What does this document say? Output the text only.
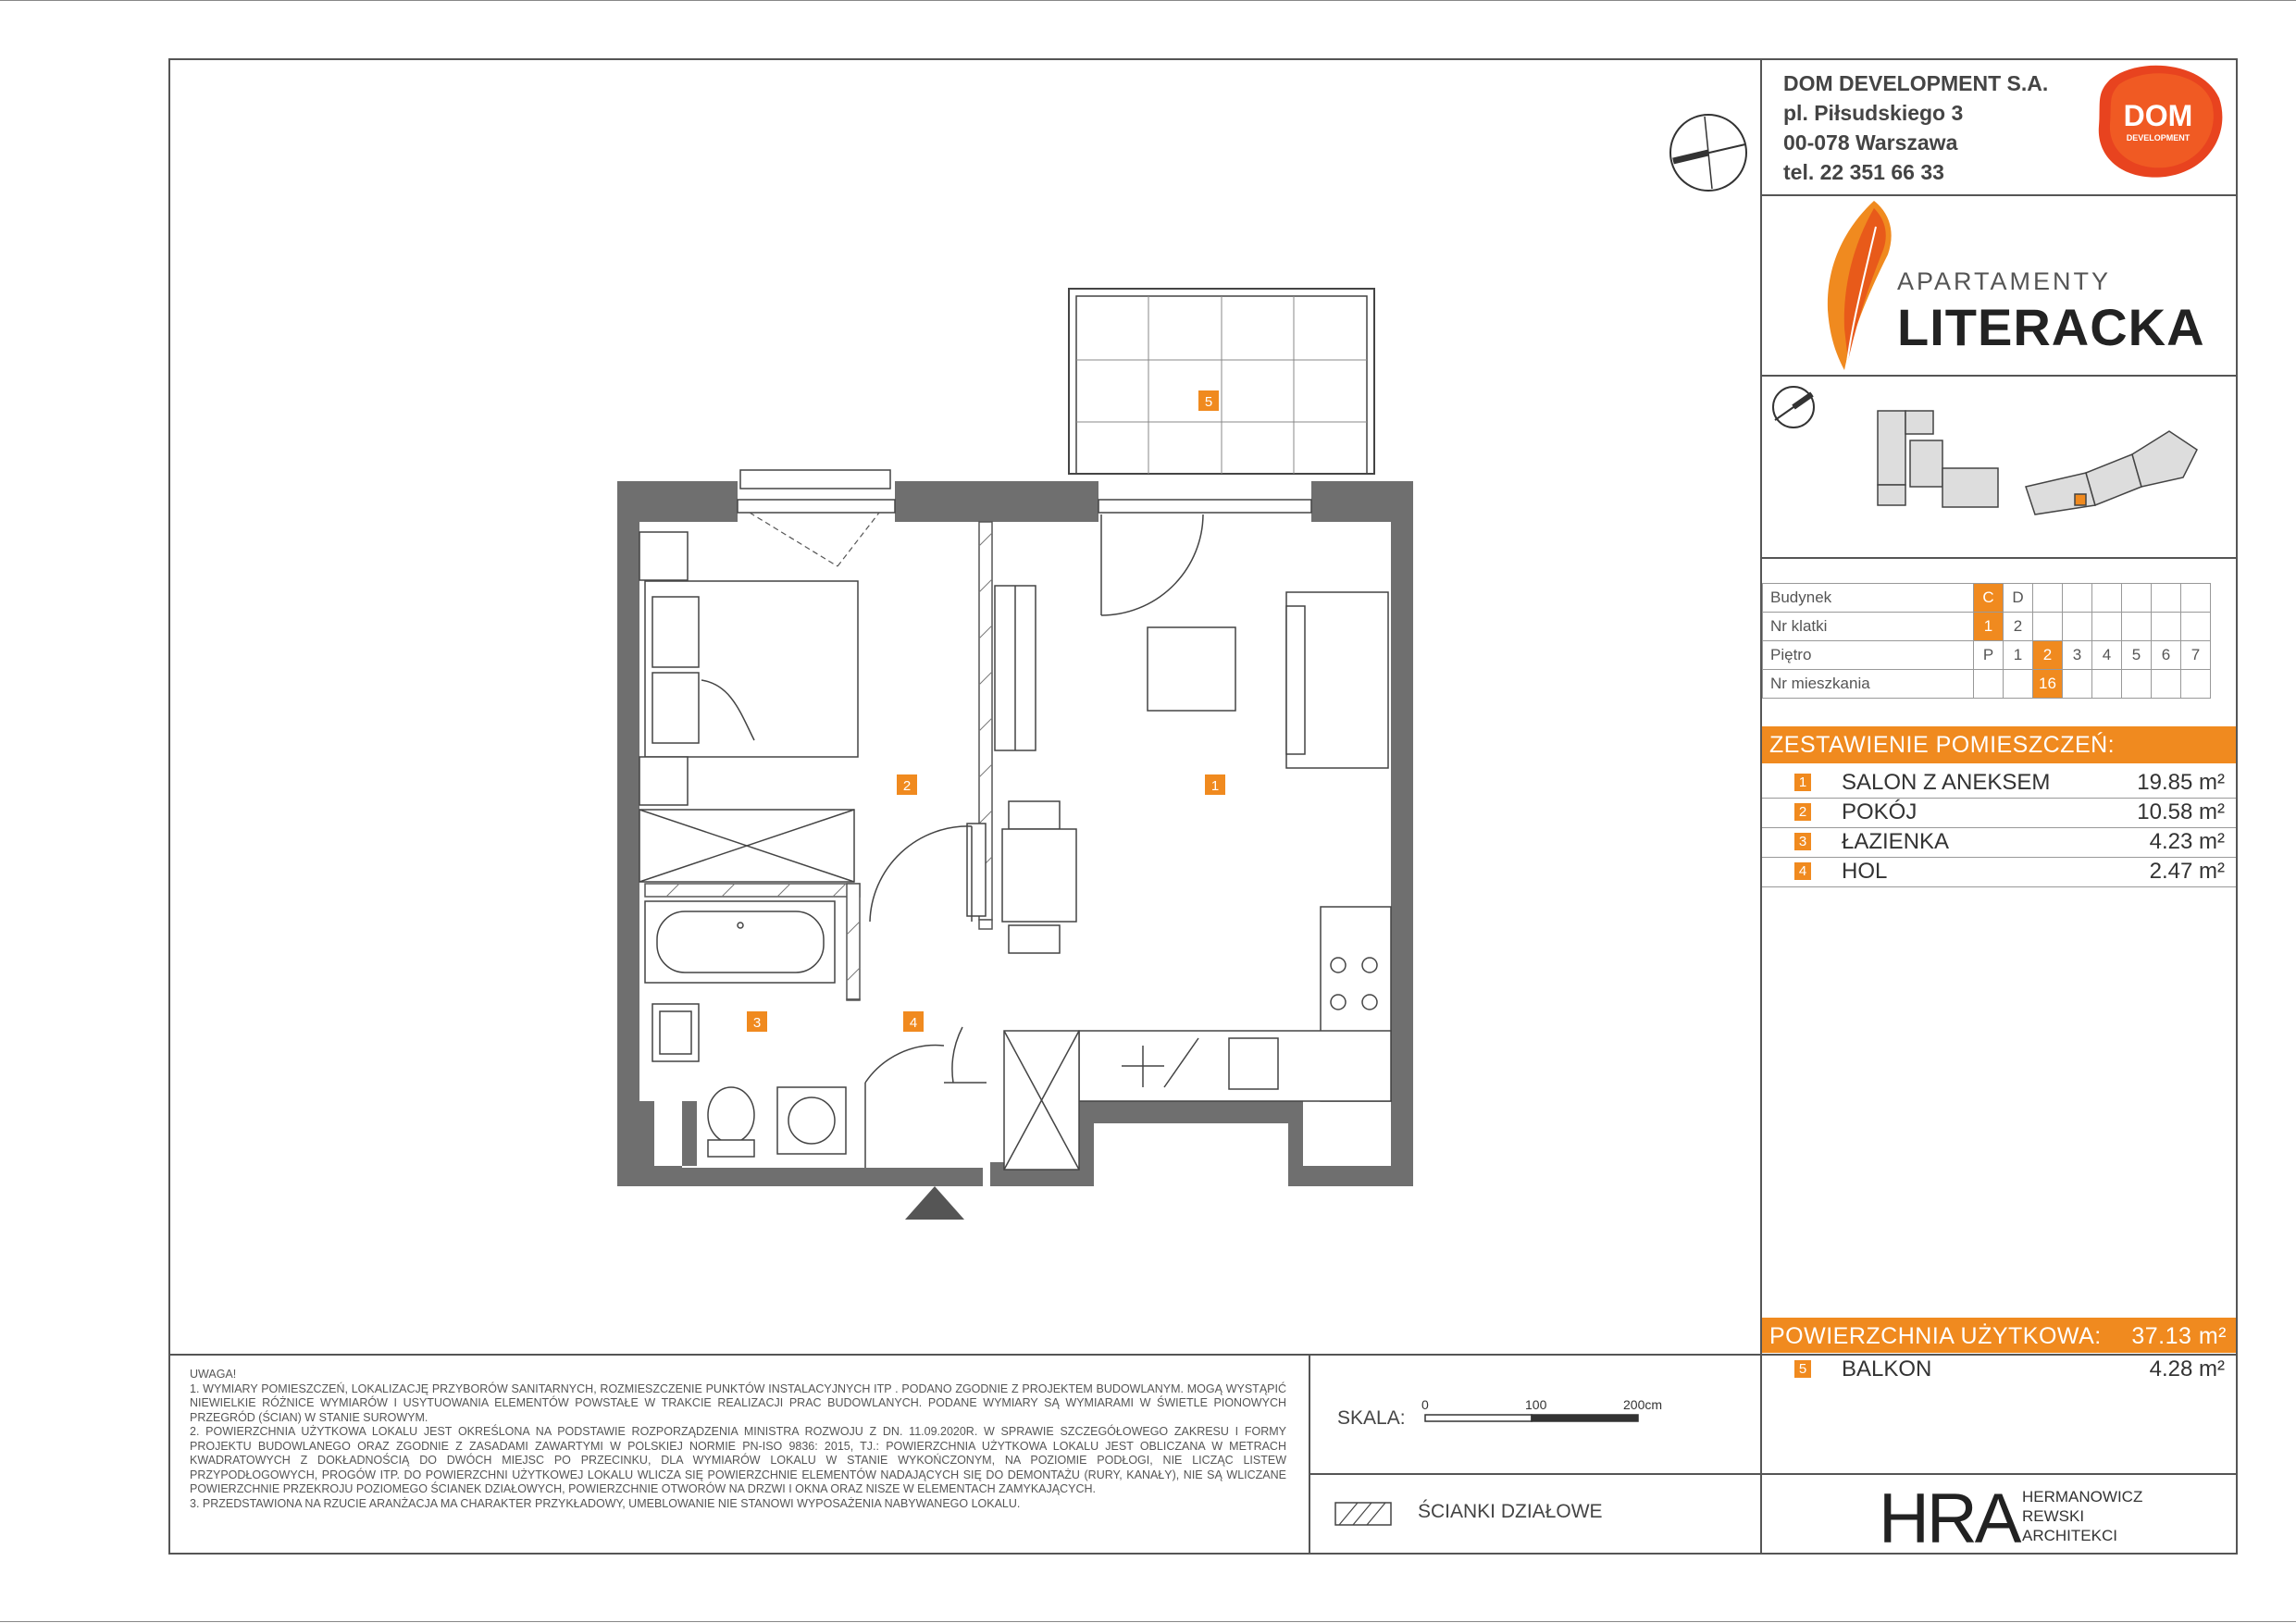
DOM DEVELOPMENT S.A.
pl. Piłsudskiego 3
00-078 Warszawa
tel. 22 351 66 33
DOM
DEVELOPMENT
APARTAMENTY
LITERACKA
Budynek	C	D						
Nr klatki	1	2						
Piętro	P	1	2	3	4	5	6	7
Nr mieszkania			16					
ZESTAWIENIE POMIESZCZEŃ:
1 SALON Z ANEKSEM	19.85 m²
2 POKÓJ	10.58 m²
3 ŁAZIENKA	4.23 m²
4 HOL	2.47 m²
POWIERZCHNIA UŻYTKOWA: 37.13 m²
5 BALKON	4.28 m²

UWAGA!

1. WYMIARY POMIESZCZEŃ, LOKALIZACJĘ PRZYBORÓW SANITARNYCH, ROZMIESZCZENIE PUNKTÓW INSTALACYJNYCH ITP . PODANO ZGODNIE Z PROJEKTEM BUDOWLANYM. MOGĄ WYSTĄPIĆ NIEWIELKIE RÓŻNICE WYMIARÓW I USYTUOWANIA ELEMENTÓW POWSTAŁE W TRAKCIE REALIZACJI PRAC BUDOWLANYCH. PODANE WYMIARY SĄ WYMIARAMI W ŚWIETLE PIONOWYCH PRZEGRÓD (ŚCIAN) W STANIE SUROWYM.

2. POWIERZCHNIA UŻYTKOWA LOKALU JEST OKREŚLONA NA PODSTAWIE ROZPORZĄDZENIA MINISTRA ROZWOJU Z DN. 11.09.2020R. W SPRAWIE SZCZEGÓŁOWEGO ZAKRESU I FORMY PROJEKTU BUDOWLANEGO ORAZ ZGODNIE Z ZASADAMI ZAWARTYMI W POLSKIEJ NORMIE PN-ISO 9836: 2015, TJ.: POWIERZCHNIA UŻYTKOWA LOKALU JEST OBLICZANA W METRACH KWADRATOWYCH Z DOKŁADNOŚCIĄ DO DWÓCH MIEJSC PO PRZECINKU, DLA WYMIARÓW LOKALU W STANIE WYKOŃCZONYM, NA POZIOMIE PODŁOGI, NIE LICZĄC LISTEW PRZYPODŁOGOWYCH, PROGÓW ITP. DO POWIERZCHNI UŻYTKOWEJ LOKALU WLICZA SIĘ POWIERZCHNIE ELEMENTÓW NADAJĄCYCH SIĘ DO DEMONTAŻU (RURY, KANAŁY), NIE SĄ WLICZANE POWIERZCHNIE PRZEKROJU POZIOMEGO ŚCIANEK DZIAŁOWYCH, POWIERZCHNIE OTWORÓW NA DRZWI I OKNA ORAZ NISZE W ELEMENTACH ZAMYKAJĄCYCH.

3. PRZEDSTAWIONA NA RZUCIE ARANŻACJA MA CHARAKTER PRZYKŁADOWY, UMEBLOWANIE NIE STANOWI WYPOSAŻENIA NABYWANEGO LOKALU.

SKALA:
0	100	200cm
ŚCIANKI DZIAŁOWE	HRA HERMANOWICZ
REWSKI
ARCHITEKCI
1
2
3	4
5
